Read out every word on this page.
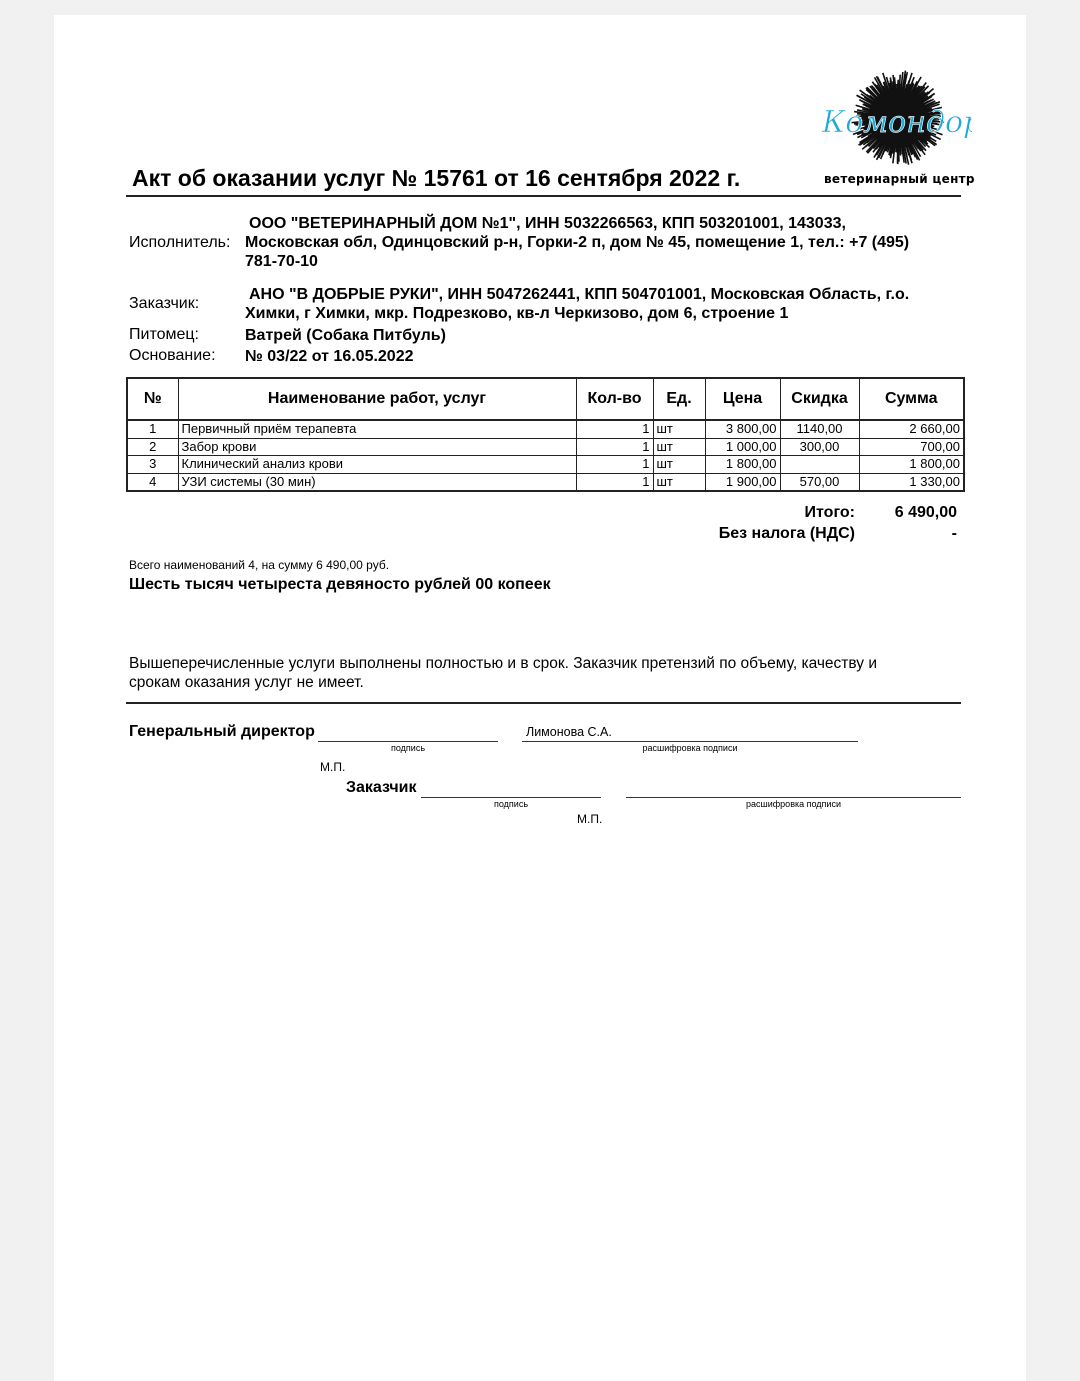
Комондор
ветеринарный центр
Акт об оказании услуг № 15761 от 16 сентября 2022 г.
Исполнитель:
ООО "ВЕТЕРИНАРНЫЙ ДОМ №1", ИНН 5032266563, КПП 503201001, 143033,
Московская обл, Одинцовский р-н, Горки-2 п, дом № 45, помещение 1, тел.: +7 (495)
781-70-10
Заказчик:
АНО "В ДОБРЫЕ РУКИ", ИНН 5047262441, КПП 504701001, Московская Область, г.о.
Химки, г Химки, мкр. Подрезково, кв-л Черкизово, дом 6, строение 1
Питомец:	Ватрей (Собака Питбуль)
Основание: № 03/22 от 16.05.2022
№	Наименование работ, услуг	Кол-во	Ед.	Цена	Скидка	Сумма
1	Первичный приём терапевта	1	шт	3 800,00	1140,00	2 660,00
2	Забор крови	1	шт	1 000,00	300,00	700,00
3	Клинический анализ крови	1	шт	1 800,00		1 800,00
4	УЗИ системы (30 мин)	1	шт	1 900,00	570,00	1 330,00
Итого:	6 490,00
Без налога (НДС)	-
Всего наименований 4, на сумму 6 490,00 руб.
Шесть тысяч четыреста девяносто рублей 00 копеек
Вышеперечисленные услуги выполнены полностью и в срок. Заказчик претензий по объему, качеству и
срокам оказания услуг не имеет.
Генеральный директор
подпись
Лимонова С.А.
расшифровка подписи
М.П.
Заказчик
подпись	расшифровка подписи
М.П.
